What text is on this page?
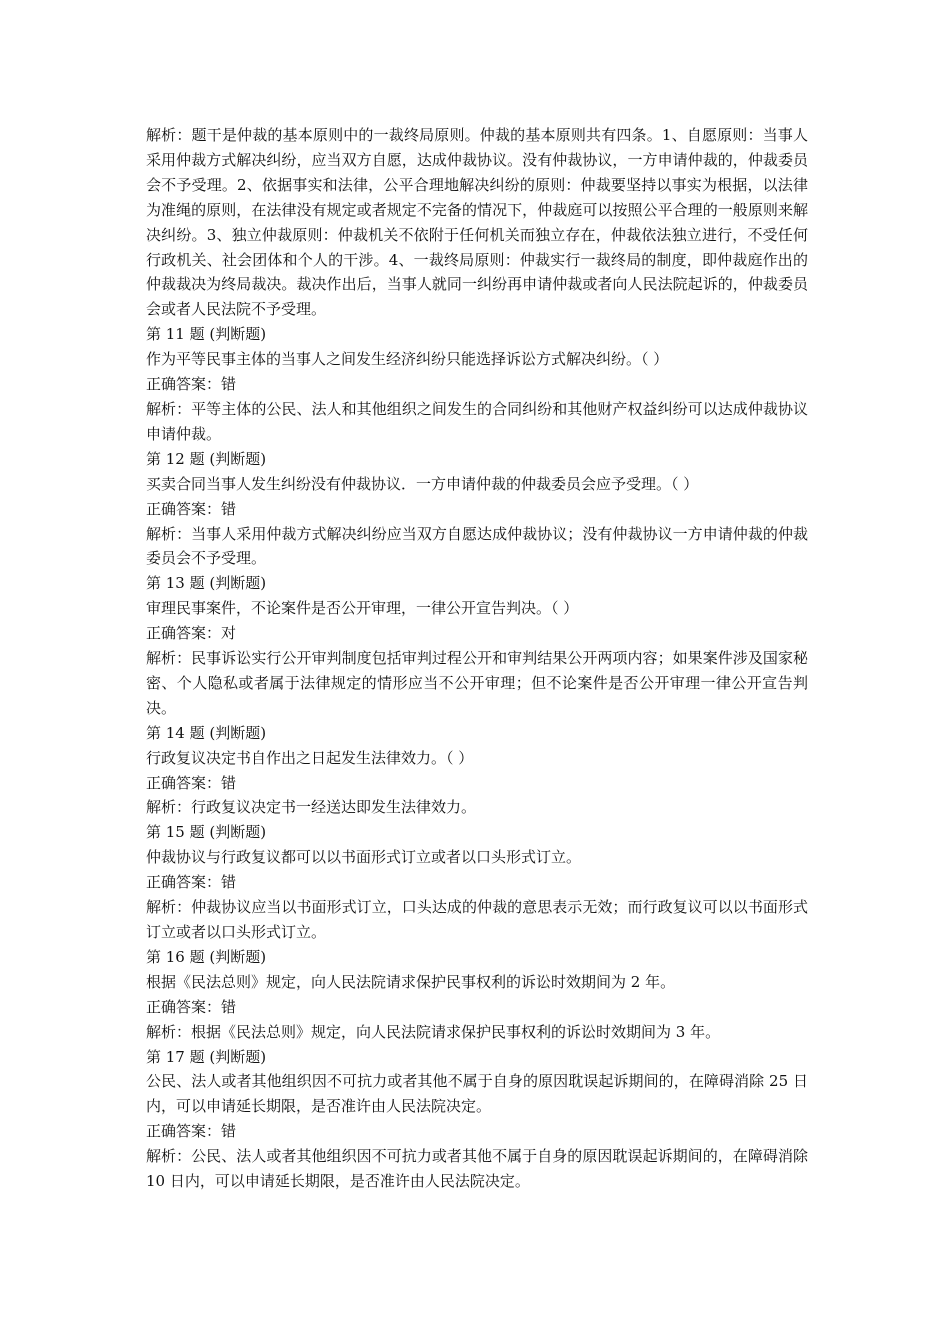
解析：题干是仲裁的基本原则中的一裁终局原则。仲裁的基本原则共有四条。1、自愿原则：当事人采用仲裁方式解决纠纷，应当双方自愿，达成仲裁协议。没有仲裁协议，一方申请仲裁的，仲裁委员会不予受理。2、依据事实和法律，公平合理地解决纠纷的原则：仲裁要坚持以事实为根据，以法律为准绳的原则，在法律没有规定或者规定不完备的情况下，仲裁庭可以按照公平合理的一般原则来解决纠纷。3、独立仲裁原则：仲裁机关不依附于任何机关而独立存在，仲裁依法独立进行，不受任何行政机关、社会团体和个人的干涉。4、一裁终局原则：仲裁实行一裁终局的制度，即仲裁庭作出的仲裁裁决为终局裁决。裁决作出后，当事人就同一纠纷再申请仲裁或者向人民法院起诉的，仲裁委员会或者人民法院不予受理。

第 11 题 (判断题)

作为平等民事主体的当事人之间发生经济纠纷只能选择诉讼方式解决纠纷。（ ）

正确答案：错

解析：平等主体的公民、法人和其他组织之间发生的合同纠纷和其他财产权益纠纷可以达成仲裁协议申请仲裁。

第 12 题 (判断题)

买卖合同当事人发生纠纷没有仲裁协议．一方申请仲裁的仲裁委员会应予受理。（ ）

正确答案：错

解析：当事人采用仲裁方式解决纠纷应当双方自愿达成仲裁协议；没有仲裁协议一方申请仲裁的仲裁委员会不予受理。

第 13 题 (判断题)

审理民事案件，不论案件是否公开审理，一律公开宣告判决。（ ）

正确答案：对

解析：民事诉讼实行公开审判制度包括审判过程公开和审判结果公开两项内容；如果案件涉及国家秘密、个人隐私或者属于法律规定的情形应当不公开审理；但不论案件是否公开审理一律公开宣告判决。

第 14 题 (判断题)

行政复议决定书自作出之日起发生法律效力。（ ）

正确答案：错

解析：行政复议决定书一经送达即发生法律效力。

第 15 题 (判断题)

仲裁协议与行政复议都可以以书面形式订立或者以口头形式订立。

正确答案：错

解析：仲裁协议应当以书面形式订立，口头达成的仲裁的意思表示无效；而行政复议可以以书面形式订立或者以口头形式订立。

第 16 题 (判断题)

根据《民法总则》规定，向人民法院请求保护民事权利的诉讼时效期间为 2 年。

正确答案：错

解析：根据《民法总则》规定，向人民法院请求保护民事权利的诉讼时效期间为 3 年。

第 17 题 (判断题)

公民、法人或者其他组织因不可抗力或者其他不属于自身的原因耽误起诉期间的，在障碍消除 25 日内，可以申请延长期限，是否准许由人民法院决定。

正确答案：错

解析：公民、法人或者其他组织因不可抗力或者其他不属于自身的原因耽误起诉期间的，在障碍消除 10 日内，可以申请延长期限，是否准许由人民法院决定。
